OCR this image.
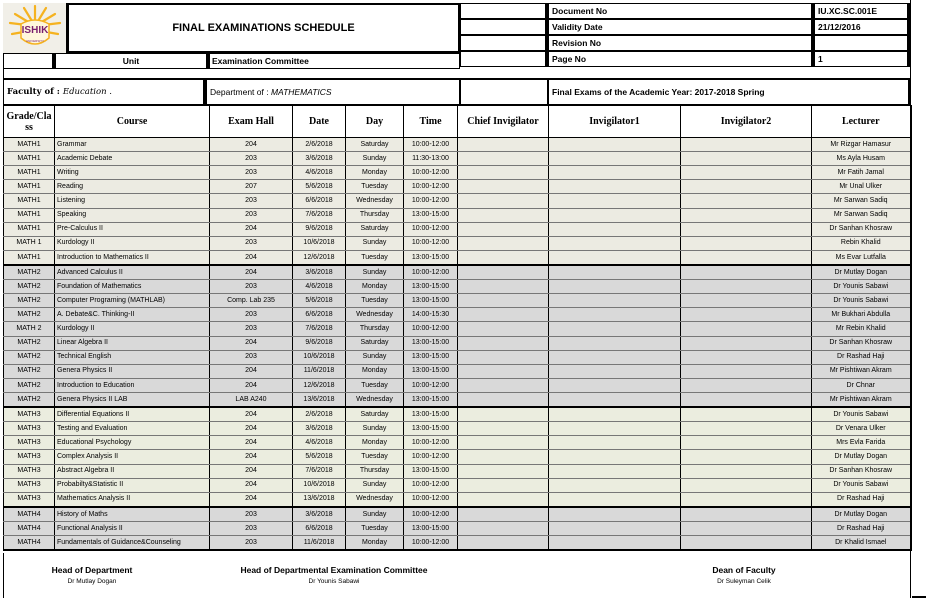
ISHIK
UNIVERSITY
FINAL EXAMINATIONS SCHEDULE
Unit	Examination Committee
Document No	IU.XC.SC.001E
Validity Date	21/12/2016
Revision No
Page No	1
Faculty of : Education .	Department of : MATHEMATICS	Final Exams of the Academic Year: 2017-2018 Spring
Grade/Class	Course	Exam Hall	Date	Day	Time	Chief Invigilator	Invigilator1	Invigilator2	Lecturer
MATH1	Grammar	204	2/6/2018	Saturday	10:00-12:00				Mr Rizgar Hamasur
MATH1	Academic Debate	203	3/6/2018	Sunday	11:30-13:00				Ms Ayla Husam
MATH1	Writing	203	4/6/2018	Monday	10:00-12:00				Mr Fatih Jamal
MATH1	Reading	207	5/6/2018	Tuesday	10:00-12:00				Mr Unal Ulker
MATH1	Listening	203	6/6/2018	Wednesday	10:00-12:00				Mr Sarwan Sadiq
MATH1	Speaking	203	7/6/2018	Thursday	13:00-15:00				Mr Sarwan Sadiq
MATH1	Pre-Calculus II	204	9/6/2018	Saturday	10:00-12:00				Dr Sanhan Khosraw
MATH 1	Kurdology II	203	10/6/2018	Sunday	10:00-12:00				Rebin Khalid
MATH1	Introduction to Mathematics II	204	12/6/2018	Tuesday	13:00-15:00				Ms Evar Lutfalla
MATH2	Advanced Calculus II	204	3/6/2018	Sunday	10:00-12:00				Dr Mutlay Dogan
MATH2	Foundation of Mathematics	203	4/6/2018	Monday	13:00-15:00				Dr Younis Sabawi
MATH2	Computer Programing (MATHLAB)	Comp. Lab 235	5/6/2018	Tuesday	13:00-15:00				Dr Younis Sabawi
MATH2	A. Debate&C. Thinking-II	203	6/6/2018	Wednesday	14:00-15:30				Mr Bukhari Abdulla
MATH 2	Kurdology II	203	7/6/2018	Thursday	10:00-12:00				Mr Rebin Khalid
MATH2	Linear Algebra II	204	9/6/2018	Saturday	13:00-15:00				Dr Sanhan Khosraw
MATH2	Technical English	203	10/6/2018	Sunday	13:00-15:00				Dr Rashad Haji
MATH2	Genera Physics II	204	11/6/2018	Monday	13:00-15:00				Mr Pishtiwan Akram
MATH2	Introduction to Education	204	12/6/2018	Tuesday	10:00-12:00				Dr Chnar
MATH2	Genera Physics II LAB	LAB A240	13/6/2018	Wednesday	13:00-15:00				Mr Pishtiwan Akram
MATH3	Differential Equations II	204	2/6/2018	Saturday	13:00-15:00				Dr Younis Sabawi
MATH3	Testing and Evaluation	204	3/6/2018	Sunday	13:00-15:00				Dr Venara Ulker
MATH3	Educational Psychology	204	4/6/2018	Monday	10:00-12:00				Mrs Evla Farida
MATH3	Complex Analysis II	204	5/6/2018	Tuesday	10:00-12:00				Dr Mutlay Dogan
MATH3	Abstract Algebra II	204	7/6/2018	Thursday	13:00-15:00				Dr Sanhan Khosraw
MATH3	Probabilty&Statistic II	204	10/6/2018	Sunday	10:00-12:00				Dr Younis Sabawi
MATH3	Mathematics Analysis II	204	13/6/2018	Wednesday	10:00-12:00				Dr Rashad Haji
MATH4	History of Maths	203	3/6/2018	Sunday	10:00-12:00				Dr Mutlay Dogan
MATH4	Functional Analysis II	203	6/6/2018	Tuesday	13:00-15:00				Dr Rashad Haji
MATH4	Fundamentals of Guidance&Counseling	203	11/6/2018	Monday	10:00-12:00				Dr Khalid Ismael
Head of Department
Dr Mutlay Dogan
Head of Departmental Examination Committee
Dr Younis Sabawi
Dean of Faculty
Dr Suleyman Celik
